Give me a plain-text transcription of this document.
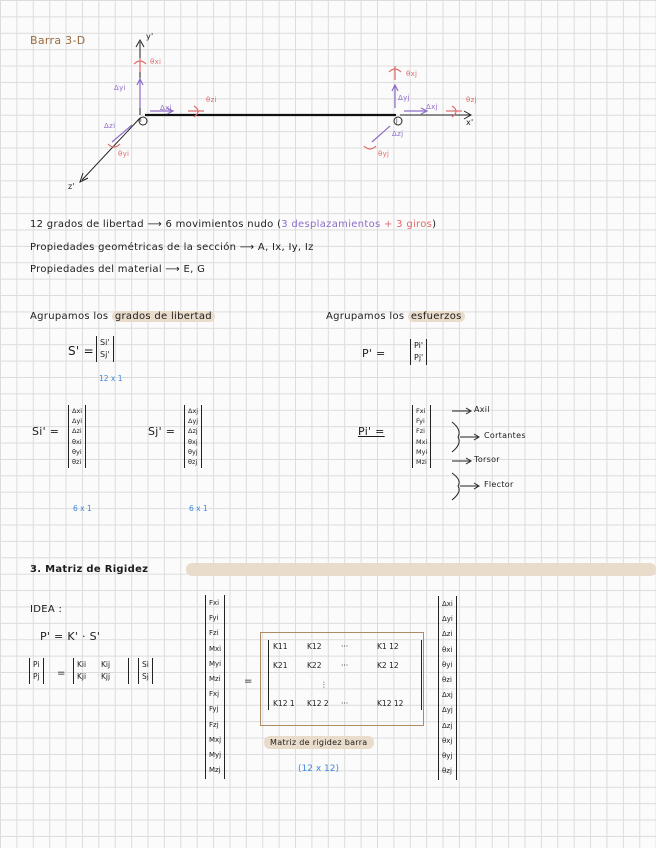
Barra 3-D	y'
x'
z'
i	j
θxi
Δyi
Δxi
θzi
Δzi
θyi
θxj
Δyj
Δxj
θzj
Δzj
θyj
12 grados de libertad ⟶ 6 movimientos nudo (3 desplazamientos + 3 giros)
Propiedades geométricas de la sección ⟶ A, Ix, Iy, Iz
Propiedades del material ⟶ E, G
Agrupamos los grados de libertad
S' =
Si'
Sj'
12 x 1
Si' =
Δxi
Δyi
Δzi
θxi
θyi
θzi
6 x 1
Sj' =
Δxj
Δyj
Δzj
θxj
θyj
θzj
6 x 1
Agrupamos los esfuerzos
P' =
Pi'
Pj'
Pi' =
Fxi
Fyi
Fzi
Mxi
Myi
Mzi
Axil
Cortantes
Torsor
Flector
3. Matriz de Rigidez
IDEA :
P' = K' · S'
Pi
Pj =
Kii	Kij
Kji	Kjj
Si
Sj
Fxi
Fyi
Fzi
Mxi
Myi
Mzi
Fxj
Fyj
Fzj
Mxj
Myj
Mzj
=
K11	K12	···	K1 12
K21	K22	···	K2 12
⋮
K12 1	K12 2	···	K12 12
Matriz de rigidez barra
(12 x 12)
Δxi
Δyi
Δzi
θxi
θyi
θzi
Δxj
Δyj
Δzj
θxj
θyj
θzj
